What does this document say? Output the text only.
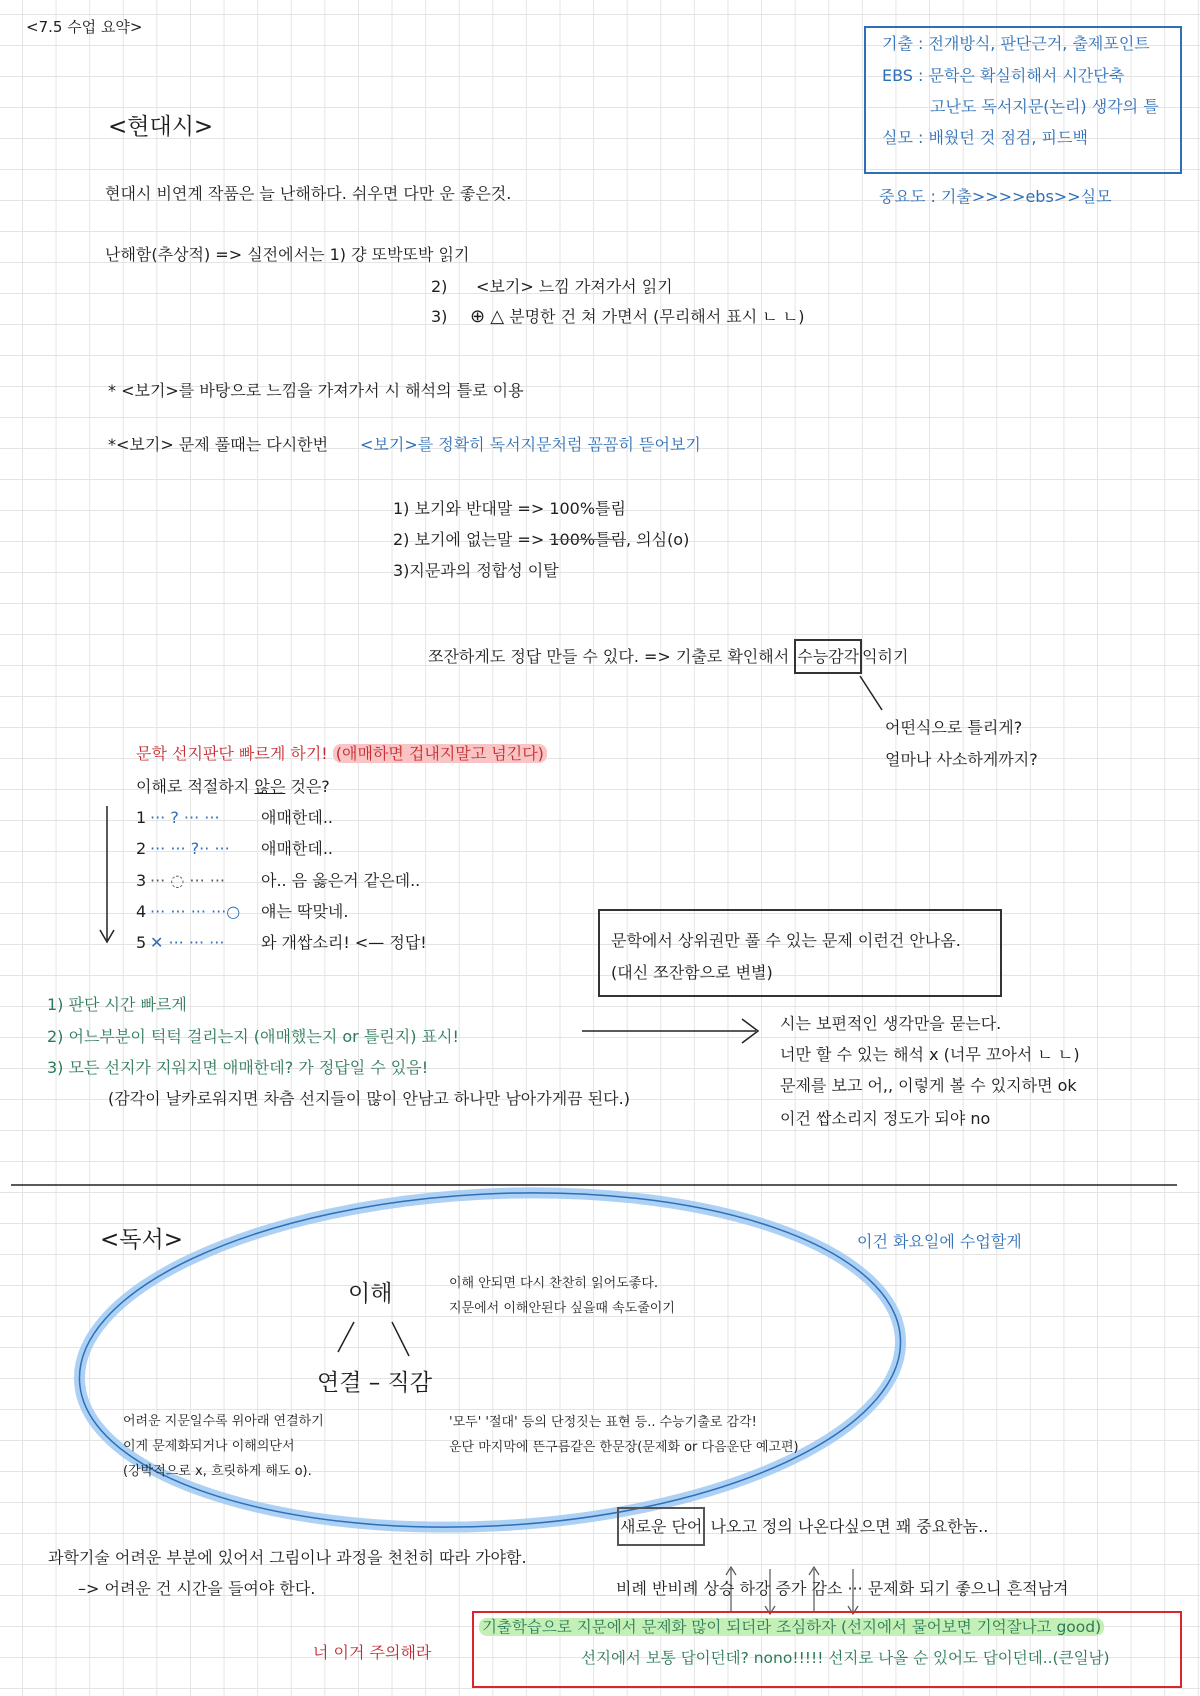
<7.5 수업 요약>
기출 : 전개방식, 판단근거, 출제포인트
EBS : 문학은 확실히해서 시간단축
고난도 독서지문(논리) 생각의 틀
실모 : 배웠던 것 점검, 피드백
중요도 : 기출>>>>ebs>>실모
<현대시>
현대시 비연계 작품은 늘 난해하다. 쉬우면 다만 운 좋은것.
난해함(추상적) => 실전에서는 1) 걍 또박또박 읽기
2) <보기> 느낌 가져가서 읽기
3) ⊕ △ 분명한 건 쳐 가면서 (무리해서 표시 ㄴ ㄴ)
* <보기>를 바탕으로 느낌을 가져가서 시 해석의 틀로 이용
*<보기> 문제 풀때는 다시한번 <보기>를 정확히 독서지문처럼 꼼꼼히 뜯어보기
1) 보기와 반대말 => 100%틀림
2) 보기에 없는말 => 100%틀림, 의심(o)
3)지문과의 정합성 이탈
쪼잔하게도 정답 만들 수 있다. => 기출로 확인해서 수능감각 익히기
어떤식으로 틀리게?
얼마나 사소하게까지?
문학 선지판단 빠르게 하기! (애매하면 겁내지말고 넘긴다)
이해로 적절하지 않은 것은?
1 ··· ? ··· ···	애매한데..
2 ··· ··· ?·· ··· 애매한데..
3 ··· ◌ ··· ··· 아.. 음 옳은거 같은데..
4 ··· ··· ··· ···○ 얘는 딱맞네.
5 ✕ ··· ··· ··· 와 개쌉소리! <— 정답!	문학에서 상위권만 풀 수 있는 문제 이런건 안나옴.
(대신 쪼잔함으로 변별)
1) 판단 시간 빠르게
2) 어느부분이 턱턱 걸리는지 (애매했는지 or 틀린지) 표시!
3) 모든 선지가 지워지면 애매한데? 가 정답일 수 있음!
(감각이 날카로워지면 차츰 선지들이 많이 안남고 하나만 남아가게끔 된다.)
시는 보편적인 생각만을 묻는다.
너만 할 수 있는 해석 x (너무 꼬아서 ㄴ ㄴ)
문제를 보고 어,, 이렇게 볼 수 있지하면 ok
이건 쌉소리지 정도가 되야 no
<독서>	이건 화요일에 수업할게
이해
연결 – 직감
이해 안되면 다시 찬찬히 읽어도좋다.
지문에서 이해안된다 싶을때 속도줄이기
어려운 지문일수록 위아래 연결하기
이게 문제화되거나 이해의단서
(강박적으로 x, 흐릿하게 해도 o).
'모두' '절대' 등의 단정짓는 표현 등.. 수능기출로 감각!
운단 마지막에 뜬구름같은 한문장(문제화 or 다음운단 예고편)
새로운 단어 나오고 정의 나온다싶으면 꽤 중요한놈..
과학기술 어려운 부분에 있어서 그림이나 과정을 천천히 따라 가야함.
–> 어려운 건 시간을 들여야 한다.	비례 반비례 상승 하강 증가 감소 ··· 문제화 되기 좋으니 흔적남겨
너 이거 주의해라
기출학습으로 지문에서 문제화 많이 되더라 조심하자 (선지에서 물어보면 기억잘나고 good)
선지에서 보통 답이던데? nono!!!!! 선지로 나올 순 있어도 답이던데..(큰일남)
